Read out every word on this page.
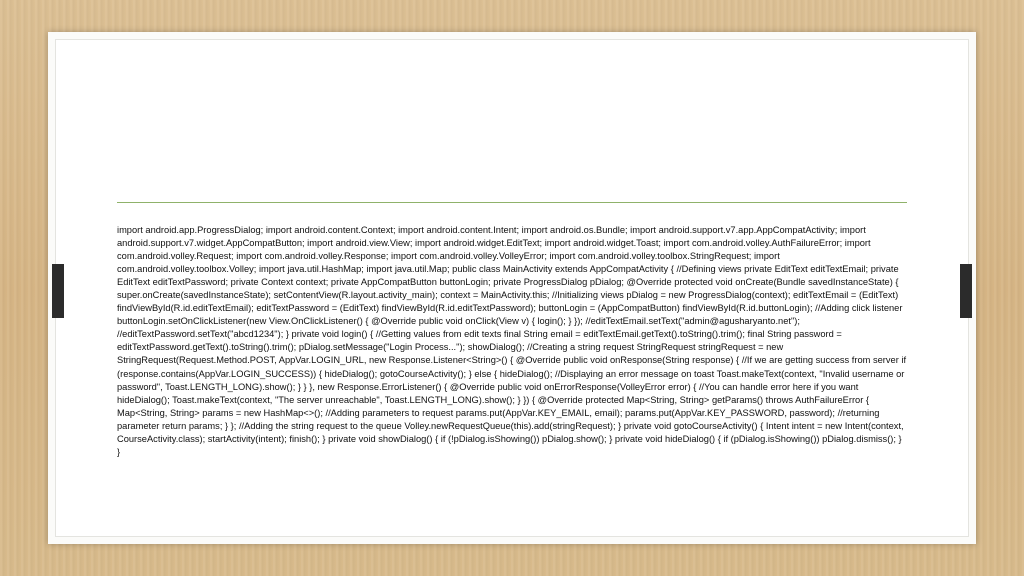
import android.app.ProgressDialog; import android.content.Context; import android.content.Intent; import android.os.Bundle; import android.support.v7.app.AppCompatActivity; import android.support.v7.widget.AppCompatButton; import android.view.View; import android.widget.EditText; import android.widget.Toast; import com.android.volley.AuthFailureError; import com.android.volley.Request; import com.android.volley.Response; import com.android.volley.VolleyError; import com.android.volley.toolbox.StringRequest; import com.android.volley.toolbox.Volley; import java.util.HashMap; import java.util.Map; public class MainActivity extends AppCompatActivity { //Defining views private EditText editTextEmail; private EditText editTextPassword; private Context context; private AppCompatButton buttonLogin; private ProgressDialog pDialog; @Override protected void onCreate(Bundle savedInstanceState) { super.onCreate(savedInstanceState); setContentView(R.layout.activity_main); context = MainActivity.this; //Initializing views pDialog = new ProgressDialog(context); editTextEmail = (EditText) findViewById(R.id.editTextEmail); editTextPassword = (EditText) findViewById(R.id.editTextPassword); buttonLogin = (AppCompatButton) findViewById(R.id.buttonLogin); //Adding click listener buttonLogin.setOnClickListener(new View.OnClickListener() { @Override public void onClick(View v) { login(); } }); //editTextEmail.setText("admin@agusharyanto.net"); //editTextPassword.setText("abcd1234"); } private void login() { //Getting values from edit texts final String email = editTextEmail.getText().toString().trim(); final String password = editTextPassword.getText().toString().trim(); pDialog.setMessage("Login Process..."); showDialog(); //Creating a string request StringRequest stringRequest = new StringRequest(Request.Method.POST, AppVar.LOGIN_URL, new Response.Listener<String>() { @Override public void onResponse(String response) { //If we are getting success from server if (response.contains(AppVar.LOGIN_SUCCESS)) { hideDialog(); gotoCourseActivity(); } else { hideDialog(); //Displaying an error message on toast Toast.makeText(context, "Invalid username or password", Toast.LENGTH_LONG).show(); } } }, new Response.ErrorListener() { @Override public void onErrorResponse(VolleyError error) { //You can handle error here if you want hideDialog(); Toast.makeText(context, "The server unreachable", Toast.LENGTH_LONG).show(); } }) { @Override protected Map<String, String> getParams() throws AuthFailureError { Map<String, String> params = new HashMap<>(); //Adding parameters to request params.put(AppVar.KEY_EMAIL, email); params.put(AppVar.KEY_PASSWORD, password); //returning parameter return params; } }; //Adding the string request to the queue Volley.newRequestQueue(this).add(stringRequest); } private void gotoCourseActivity() { Intent intent = new Intent(context, CourseActivity.class); startActivity(intent); finish(); } private void showDialog() { if (!pDialog.isShowing()) pDialog.show(); } private void hideDialog() { if (pDialog.isShowing()) pDialog.dismiss(); } }
